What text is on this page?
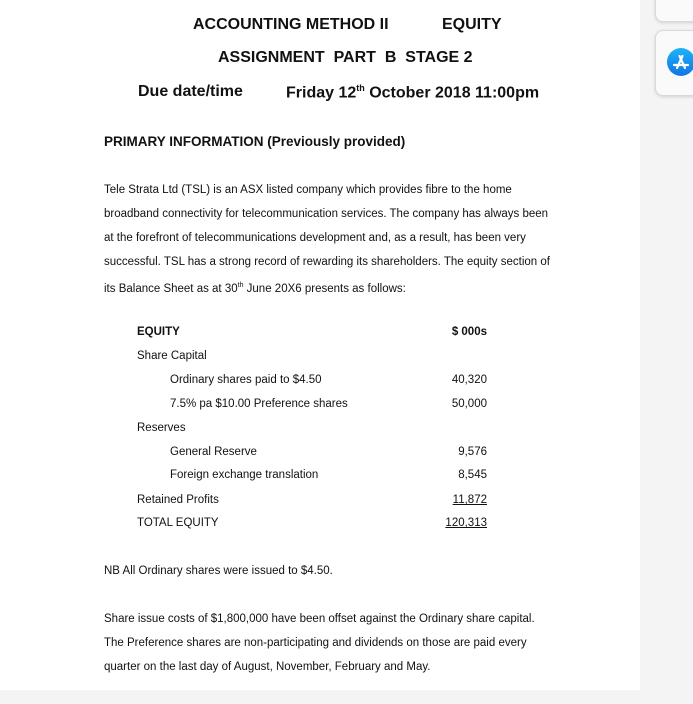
ACCOUNTING METHOD II	EQUITY
ASSIGNMENT  PART  B  STAGE 2
Due date/time	Friday 12th October 2018 11:00pm
PRIMARY INFORMATION (Previously provided)
Tele Strata Ltd (TSL) is an ASX listed company which provides fibre to the home
broadband connectivity for telecommunication services. The company has always been
at the forefront of telecommunications development and, as a result, has been very
successful. TSL has a strong record of rewarding its shareholders. The equity section of
its Balance Sheet as at 30th June 20X6 presents as follows:
EQUITY	$ 000s
Share Capital
Ordinary shares paid to $4.50	40,320
7.5% pa $10.00 Preference shares	50,000
Reserves
General Reserve	9,576
Foreign exchange translation	8,545
Retained Profits	11,872
TOTAL EQUITY	120,313
NB All Ordinary shares were issued to $4.50.
Share issue costs of $1,800,000 have been offset against the Ordinary share capital.
The Preference shares are non-participating and dividends on those are paid every
quarter on the last day of August, November, February and May.
